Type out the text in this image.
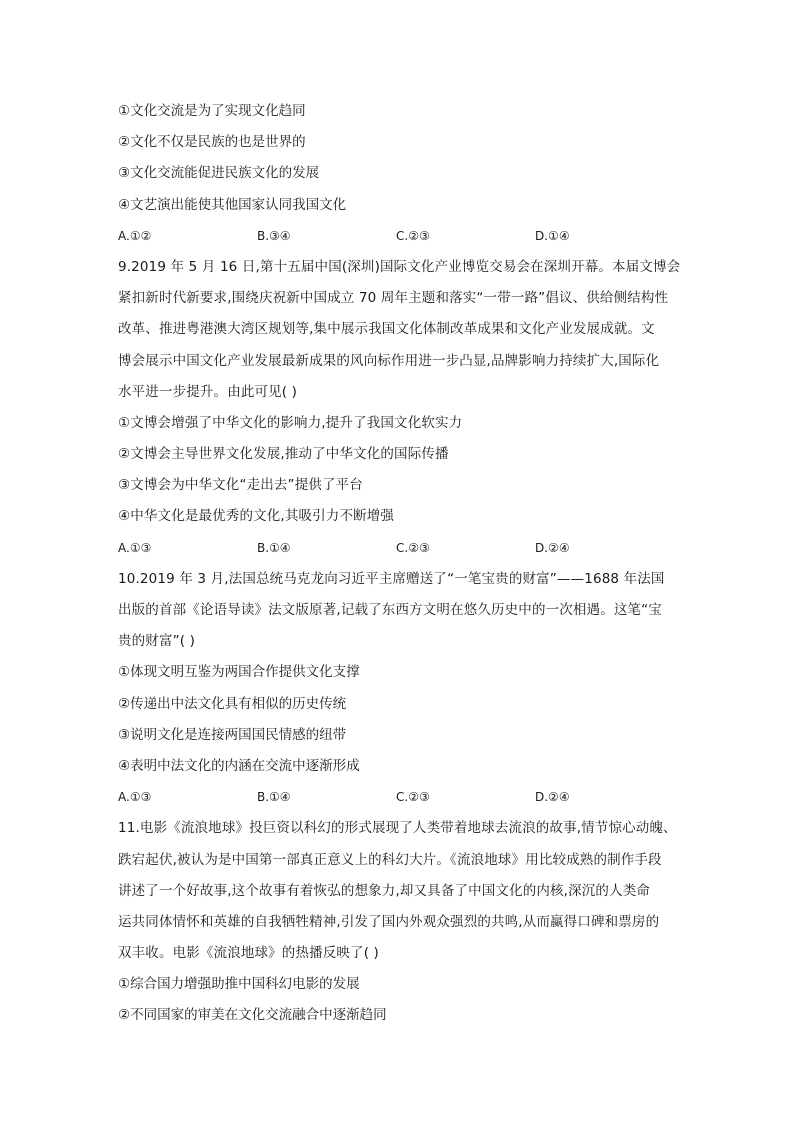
①文化交流是为了实现文化趋同
②文化不仅是民族的也是世界的
③文化交流能促进民族文化的发展
④文艺演出能使其他国家认同我国文化
A.①②	B.③④	C.②③	D.①④
9.2019 年 5 月 16 日,第十五届中国(深圳)国际文化产业博览交易会在深圳开幕。本届文博会
紧扣新时代新要求,围绕庆祝新中国成立 70 周年主题和落实“一带一路”倡议、供给侧结构性
改革、推进粤港澳大湾区规划等,集中展示我国文化体制改革成果和文化产业发展成就。文
博会展示中国文化产业发展最新成果的风向标作用进一步凸显,品牌影响力持续扩大,国际化
水平进一步提升。由此可见( )
①文博会增强了中华文化的影响力,提升了我国文化软实力
②文博会主导世界文化发展,推动了中华文化的国际传播
③文博会为中华文化“走出去”提供了平台
④中华文化是最优秀的文化,其吸引力不断增强
A.①③	B.①④	C.②③	D.②④
10.2019 年 3 月,法国总统马克龙向习近平主席赠送了“一笔宝贵的财富”——1688 年法国
出版的首部《论语导读》法文版原著,记载了东西方文明在悠久历史中的一次相遇。这笔“宝
贵的财富”( )
①体现文明互鉴为两国合作提供文化支撑
②传递出中法文化具有相似的历史传统
③说明文化是连接两国国民情感的纽带
④表明中法文化的内涵在交流中逐渐形成
A.①③	B.①④	C.②③	D.②④
11.电影《流浪地球》投巨资以科幻的形式展现了人类带着地球去流浪的故事,情节惊心动魄、
跌宕起伏,被认为是中国第一部真正意义上的科幻大片。《流浪地球》用比较成熟的制作手段
讲述了一个好故事,这个故事有着恢弘的想象力,却又具备了中国文化的内核,深沉的人类命
运共同体情怀和英雄的自我牺牲精神,引发了国内外观众强烈的共鸣,从而赢得口碑和票房的
双丰收。电影《流浪地球》的热播反映了( )
①综合国力增强助推中国科幻电影的发展
②不同国家的审美在文化交流融合中逐渐趋同
